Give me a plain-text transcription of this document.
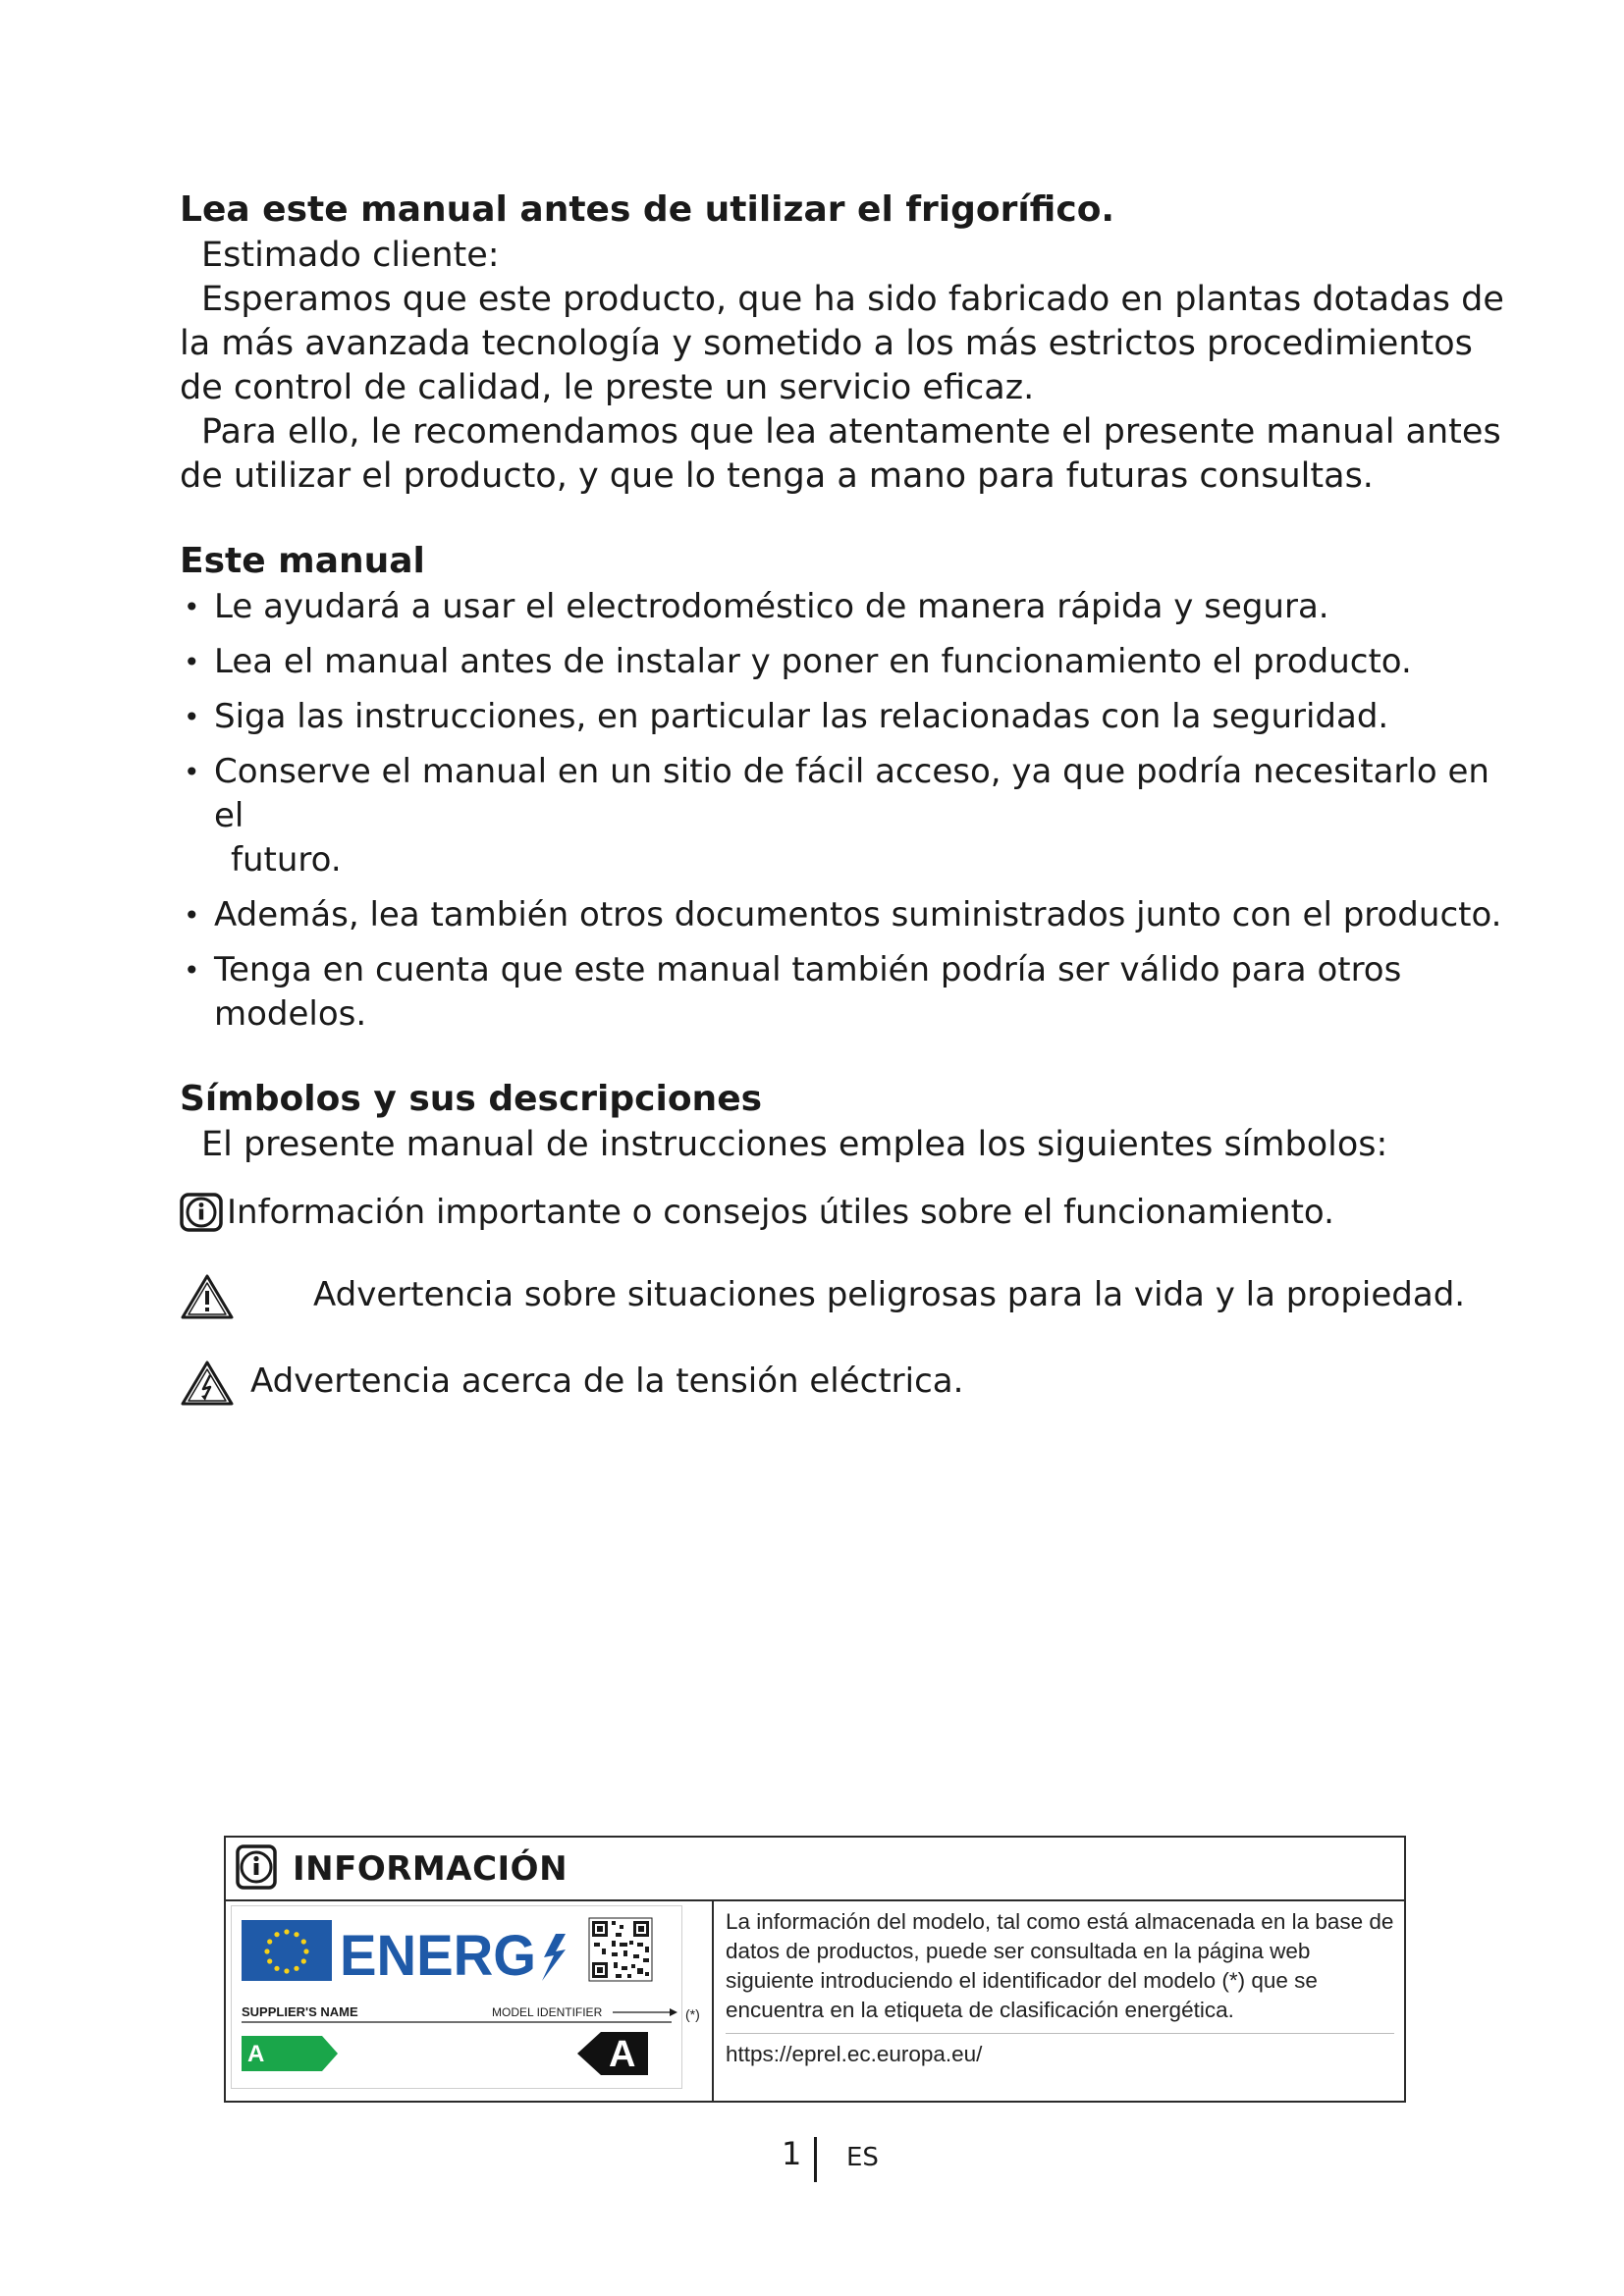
Lea este manual antes de utilizar el frigorífico.

Estimado cliente:

Esperamos que este producto, que ha sido fabricado en plantas dotadas de la más avanzada tecnología y sometido a los más estrictos procedimientos de control de calidad, le preste un servicio eficaz.

Para ello, le recomendamos que lea atentamente el presente manual antes de utilizar el producto, y que lo tenga a mano para futuras consultas.

Este manual
• Le ayudará a usar el electrodoméstico de manera rápida y segura.
• Lea el manual antes de instalar y poner en funcionamiento el producto.
• Siga las instrucciones, en particular las relacionadas con la seguridad.
• Conserve el manual en un sitio de fácil acceso, ya que podría necesitarlo en el
futuro.
• Además, lea también otros documentos suministrados junto con el producto.
• Tenga en cuenta que este manual también podría ser válido para otros modelos.
Símbolos y sus descripciones

El presente manual de instrucciones emplea los siguientes símbolos:

Información importante o consejos útiles sobre el funcionamiento.
Advertencia sobre situaciones peligrosas para la vida y la propiedad.
Advertencia acerca de la tensión eléctrica.
INFORMACIÓN
ENERG
SUPPLIER'S NAME	MODEL IDENTIFIER
A	A
(*)
La información del modelo, tal como está almacenada en la base de datos de productos, puede ser consultada en la página web siguiente introduciendo el identificador del modelo (*) que se encuentra en la etiqueta de clasificación energética.
https://eprel.ec.europa.eu/
1 ES
